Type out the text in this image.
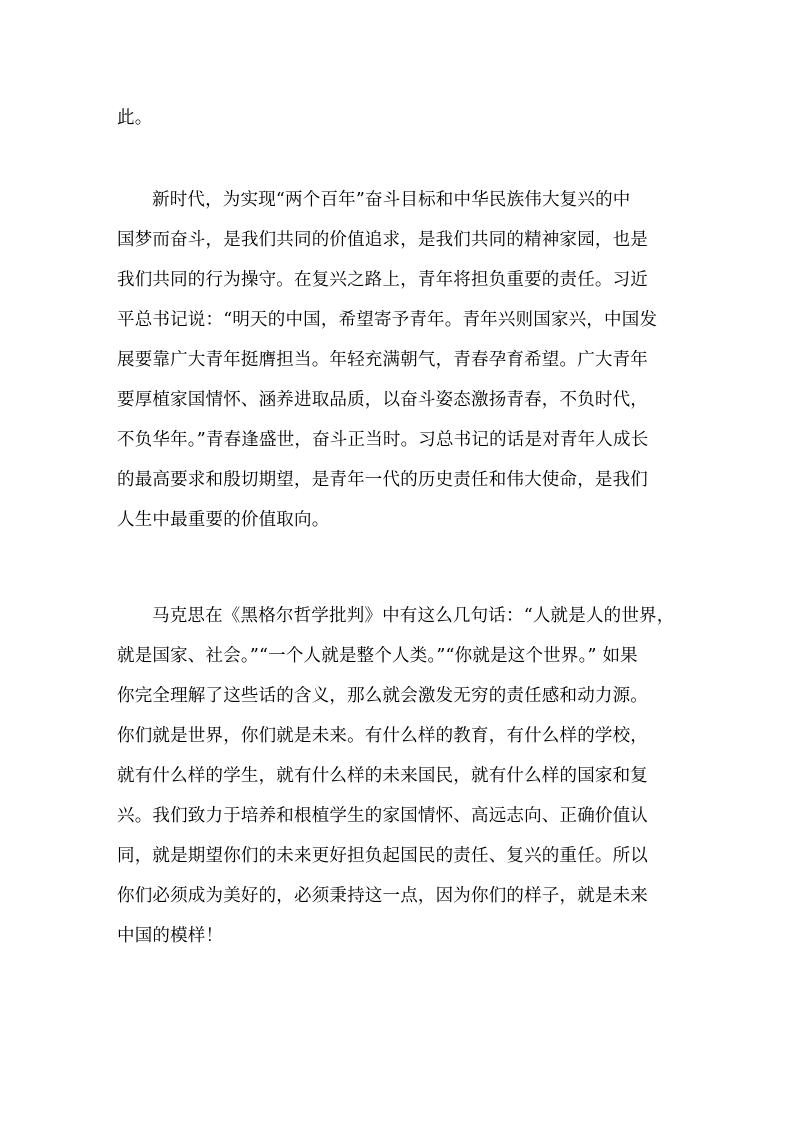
此。
新时代，为实现“两个百年”奋斗目标和中华民族伟大复兴的中
国梦而奋斗，是我们共同的价值追求，是我们共同的精神家园，也是
我们共同的行为操守。在复兴之路上，青年将担负重要的责任。习近
平总书记说：“明天的中国，希望寄予青年。青年兴则国家兴，中国发
展要靠广大青年挺膺担当。年轻充满朝气，青春孕育希望。广大青年
要厚植家国情怀、涵养进取品质，以奋斗姿态激扬青春，不负时代，
不负华年。”青春逢盛世，奋斗正当时。习总书记的话是对青年人成长
的最高要求和殷切期望，是青年一代的历史责任和伟大使命，是我们
人生中最重要的价值取向。
马克思在《黑格尔哲学批判》中有这么几句话：“人就是人的世界，
就是国家、社会。”“一个人就是整个人类。”“你就是这个世界。” 如果
你完全理解了这些话的含义，那么就会激发无穷的责任感和动力源。
你们就是世界，你们就是未来。有什么样的教育，有什么样的学校，
就有什么样的学生，就有什么样的未来国民，就有什么样的国家和复
兴。我们致力于培养和根植学生的家国情怀、高远志向、正确价值认
同，就是期望你们的未来更好担负起国民的责任、复兴的重任。所以
你们必须成为美好的，必须秉持这一点，因为你们的样子，就是未来
中国的模样！
